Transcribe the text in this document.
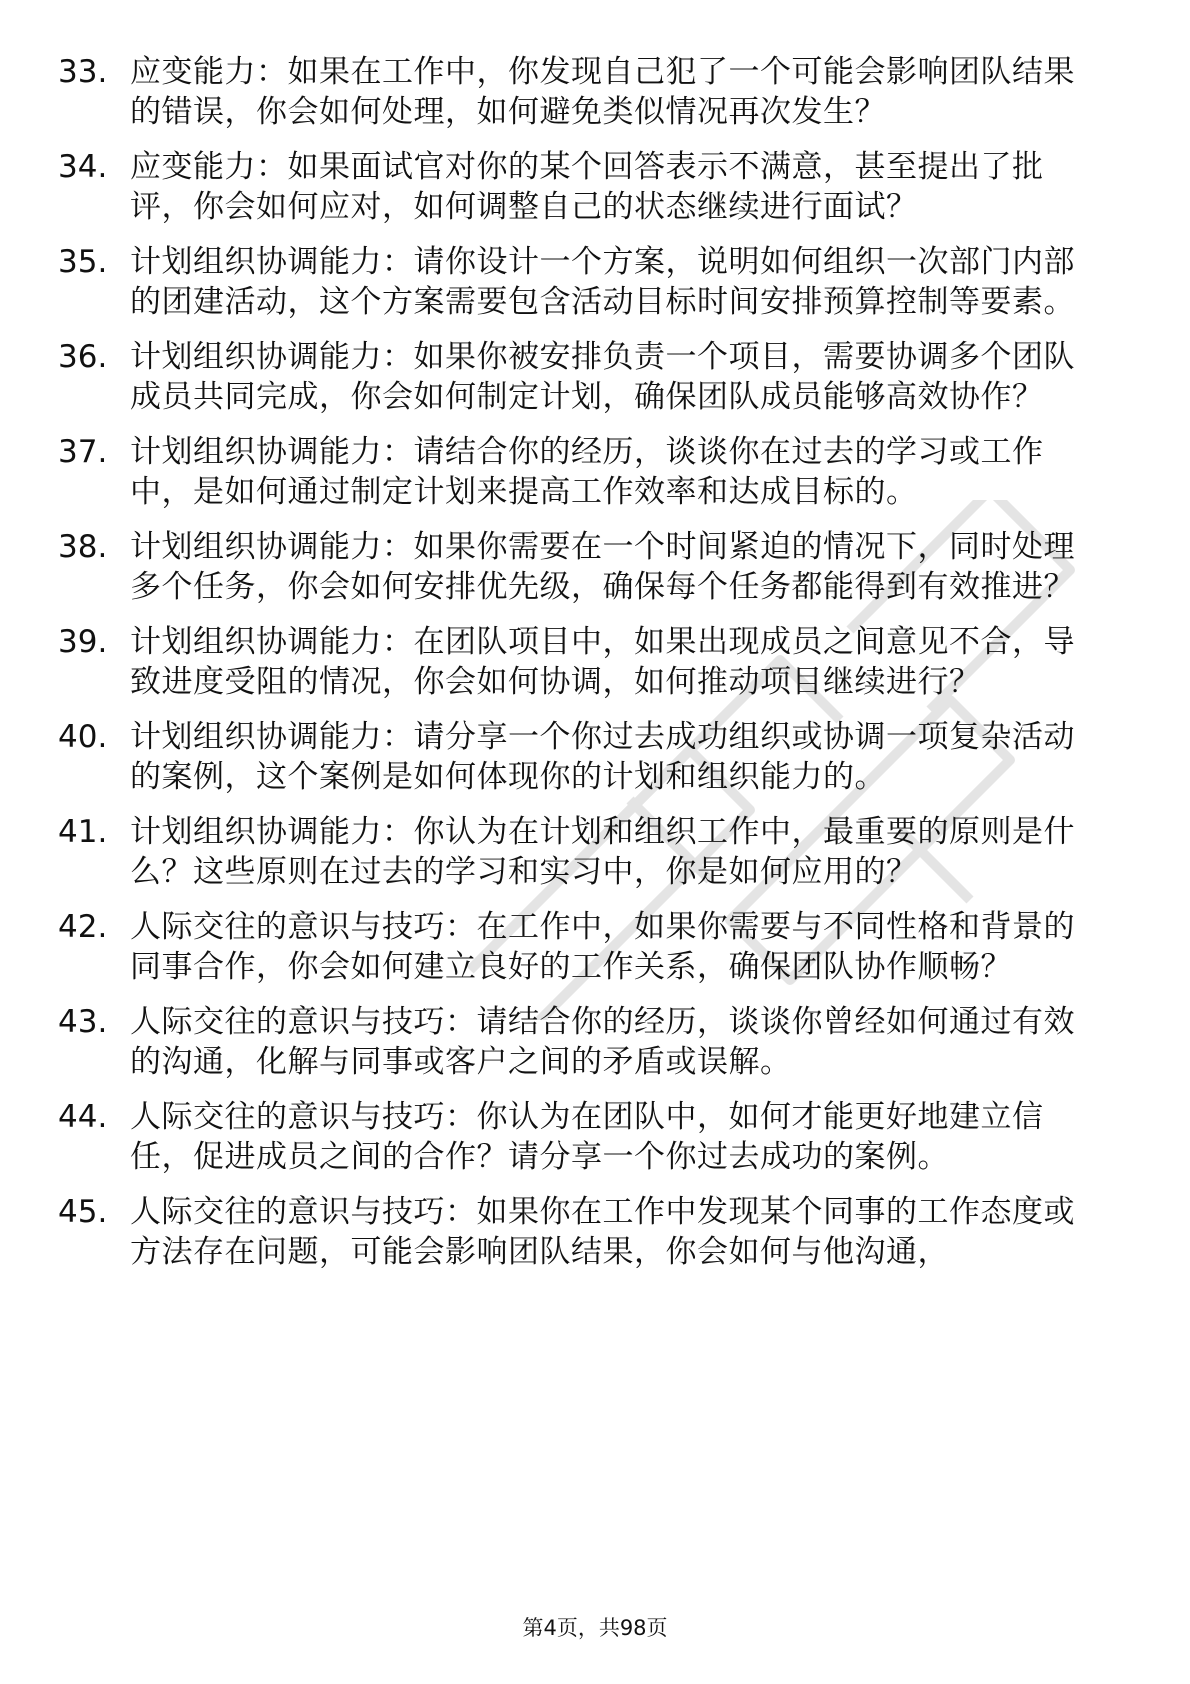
33. 应变能力：如果在工作中，你发现自己犯了一个可能会影响团队结果的错误，你会如何处理，如何避免类似情况再次发生？
34. 应变能力：如果面试官对你的某个回答表示不满意，甚至提出了批评，你会如何应对，如何调整自己的状态继续进行面试？
35. 计划组织协调能力：请你设计一个方案，说明如何组织一次部门内部的团建活动，这个方案需要包含活动目标时间安排预算控制等要素。
36. 计划组织协调能力：如果你被安排负责一个项目，需要协调多个团队成员共同完成，你会如何制定计划，确保团队成员能够高效协作？
37. 计划组织协调能力：请结合你的经历，谈谈你在过去的学习或工作中，是如何通过制定计划来提高工作效率和达成目标的。
38. 计划组织协调能力：如果你需要在一个时间紧迫的情况下，同时处理多个任务，你会如何安排优先级，确保每个任务都能得到有效推进？
39. 计划组织协调能力：在团队项目中，如果出现成员之间意见不合，导致进度受阻的情况，你会如何协调，如何推动项目继续进行？
40. 计划组织协调能力：请分享一个你过去成功组织或协调一项复杂活动的案例，这个案例是如何体现你的计划和组织能力的。
41. 计划组织协调能力：你认为在计划和组织工作中，最重要的原则是什么？这些原则在过去的学习和实习中，你是如何应用的？
42. 人际交往的意识与技巧：在工作中，如果你需要与不同性格和背景的同事合作，你会如何建立良好的工作关系，确保团队协作顺畅？
43. 人际交往的意识与技巧：请结合你的经历，谈谈你曾经如何通过有效的沟通，化解与同事或客户之间的矛盾或误解。
44. 人际交往的意识与技巧：你认为在团队中，如何才能更好地建立信任，促进成员之间的合作？请分享一个你过去成功的案例。
45. 人际交往的意识与技巧：如果你在工作中发现某个同事的工作态度或方法存在问题，可能会影响团队结果，你会如何与他沟通，
第4页，共98页
